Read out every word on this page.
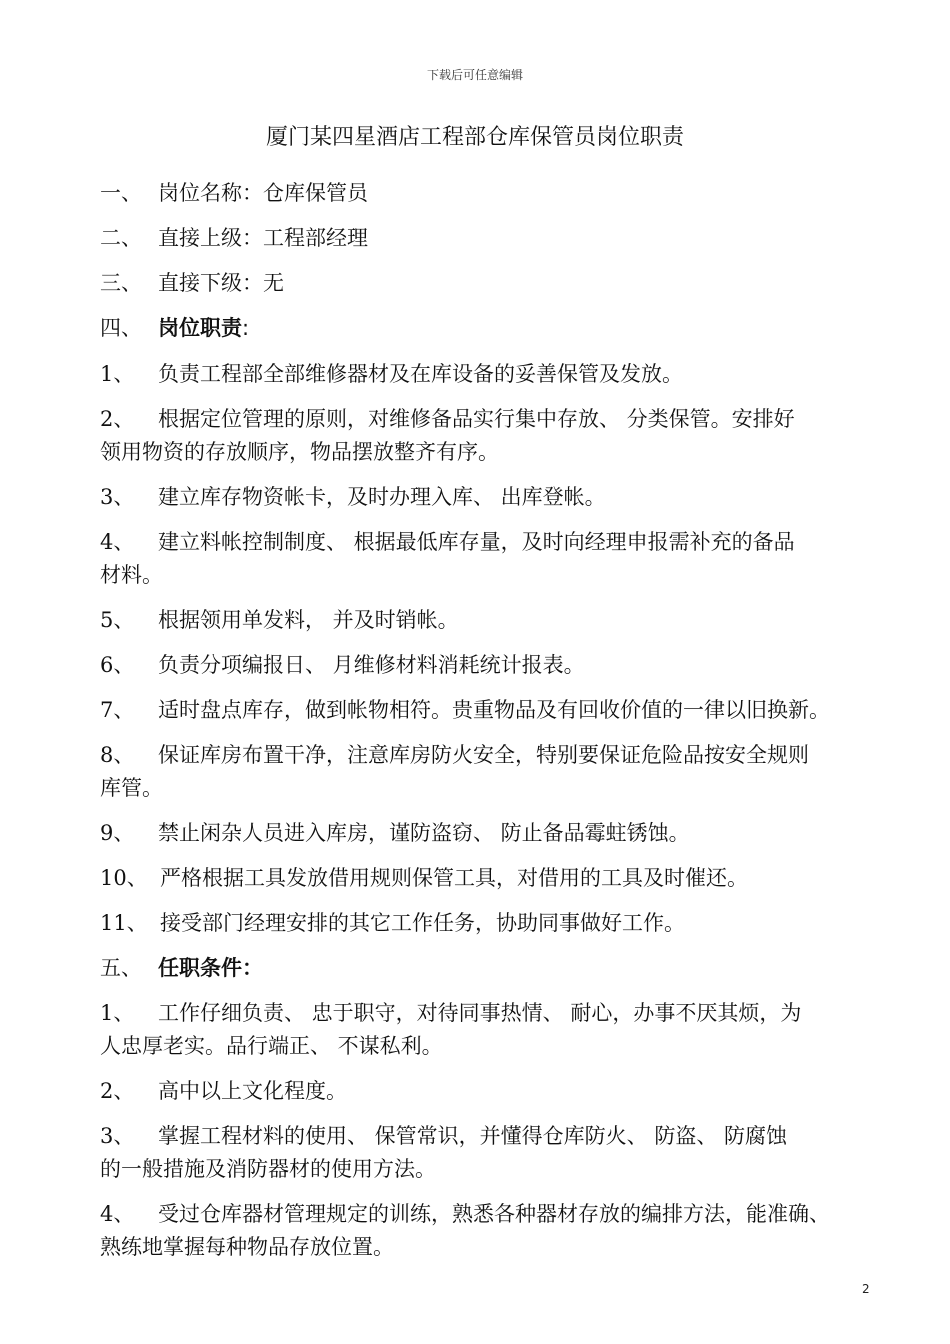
下载后可任意编辑
厦门某四星酒店工程部仓库保管员岗位职责
一、 岗位名称：仓库保管员
二、 直接上级：工程部经理
三、 直接下级：无
四、 岗位职责:
1、 负责工程部全部维修器材及在库设备的妥善保管及发放。
2、 根据定位管理的原则，对维修备品实行集中存放、 分类保管。安排好
领用物资的存放顺序，物品摆放整齐有序。
3、 建立库存物资帐卡，及时办理入库、 出库登帐。
4、 建立料帐控制制度、 根据最低库存量，及时向经理申报需补充的备品
材料。
5、 根据领用单发料， 并及时销帐。
6、 负责分项编报日、 月维修材料消耗统计报表。
7、 适时盘点库存，做到帐物相符。贵重物品及有回收价值的一律以旧换新。
8、 保证库房布置干净，注意库房防火安全，特别要保证危险品按安全规则
库管。
9、 禁止闲杂人员进入库房，谨防盗窃、 防止备品霉蛀锈蚀。
10、 严格根据工具发放借用规则保管工具，对借用的工具及时催还。
11、 接受部门经理安排的其它工作任务，协助同事做好工作。
五、 任职条件：
1、 工作仔细负责、 忠于职守，对待同事热情、 耐心，办事不厌其烦，为
人忠厚老实。品行端正、 不谋私利。
2、 高中以上文化程度。
3、 掌握工程材料的使用、 保管常识，并懂得仓库防火、 防盗、 防腐蚀
的一般措施及消防器材的使用方法。
4、 受过仓库器材管理规定的训练，熟悉各种器材存放的编排方法，能准确、
熟练地掌握每种物品存放位置。
2
